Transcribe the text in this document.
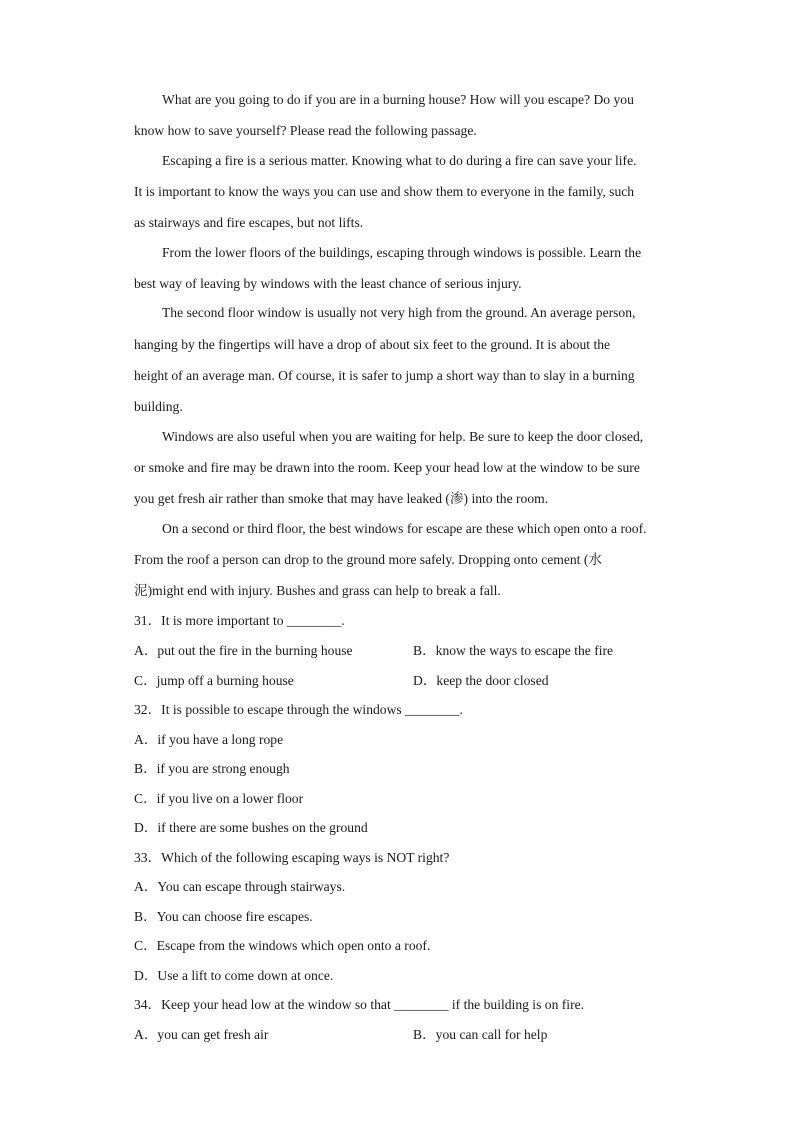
What are you going to do if you are in a burning house? How will you escape? Do you
know how to save yourself? Please read the following passage.
Escaping a fire is a serious matter. Knowing what to do during a fire can save your life.
It is important to know the ways you can use and show them to everyone in the family, such
as stairways and fire escapes, but not lifts.
From the lower floors of the buildings, escaping through windows is possible. Learn the
best way of leaving by windows with the least chance of serious injury.
The second floor window is usually not very high from the ground. An average person,
hanging by the fingertips will have a drop of about six feet to the ground. It is about the
height of an average man. Of course, it is safer to jump a short way than to slay in a burning
building.
Windows are also useful when you are waiting for help. Be sure to keep the door closed,
or smoke and fire may be drawn into the room. Keep your head low at the window to be sure
you get fresh air rather than smoke that may have leaked (渗) into the room.
On a second or third floor, the best windows for escape are these which open onto a roof.
From the roof a person can drop to the ground more safely. Dropping onto cement (水
泥)might end with injury. Bushes and grass can help to break a fall.
31．It is more important to ________.
A．put out the fire in the burning house	B．know the ways to escape the fire
C．jump off a burning house	D．keep the door closed
32．It is possible to escape through the windows ________.
A．if you have a long rope
B．if you are strong enough
C．if you live on a lower floor
D．if there are some bushes on the ground
33．Which of the following escaping ways is NOT right?
A．You can escape through stairways.
B．You can choose fire escapes.
C．Escape from the windows which open onto a roof.
D．Use a lift to come down at once.
34．Keep your head low at the window so that ________ if the building is on fire.
A．you can get fresh air	B．you can call for help
